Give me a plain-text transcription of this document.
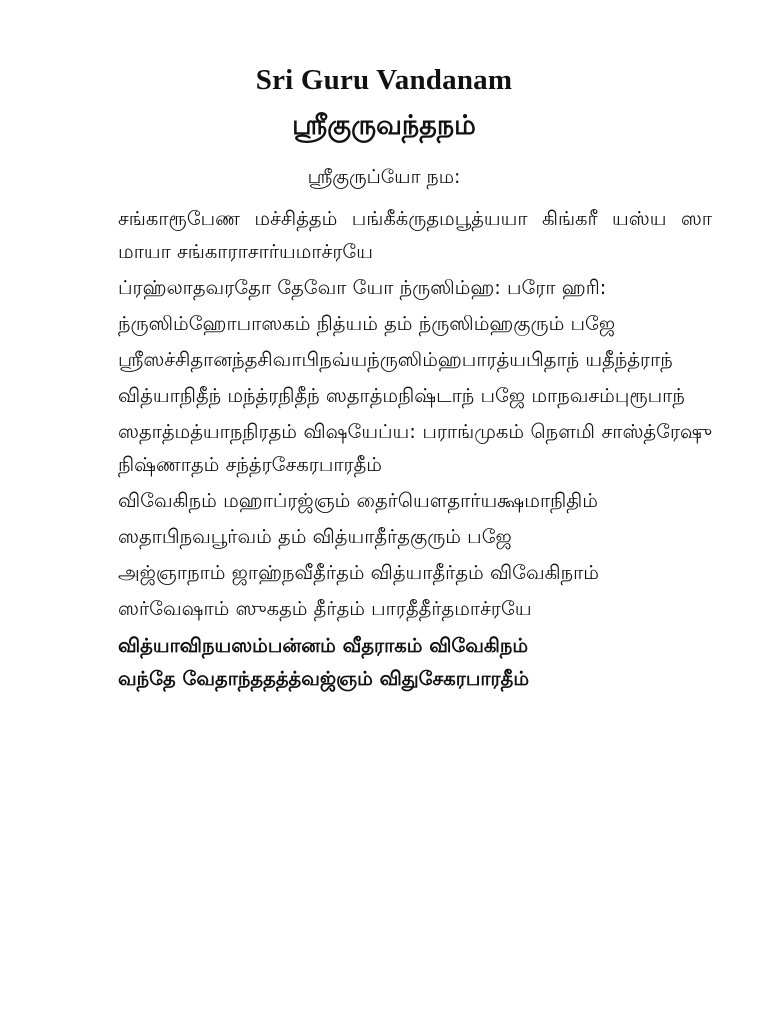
Sri Guru Vandanam
ஸ்ரீகுருவந்தநம்
ஸ்ரீகுருப்யோ நம꞉

சங்காரூபேண மச்சித்தம் பங்கீக்ருதமபூத்யயா கிங்கரீ யஸ்ய ஸா மாயா சங்காராசார்யமாச்ரயே

ப்ரஹ்லாதவரதோ தேவோ யோ ந்ருஸிம்ஹ꞉ பரோ ஹரி꞉

ந்ருஸிம்ஹோபாஸகம் நித்யம் தம் ந்ருஸிம்ஹகுரும் பஜே

ஸ்ரீஸச்சிதானந்தசிவாபிநவ்யந்ருஸிம்ஹபாரத்யபிதாந் யதீந்த்ராந்

வித்யாநிதீந் மந்த்ரநிதீந் ஸதாத்மநிஷ்டாந் பஜே மாநவசம்புரூபாந்

ஸதாத்மத்யாநநிரதம் விஷயேப்ய꞉ பராங்முகம் நௌமி சாஸ்த்ரேஷு நிஷ்ணாதம் சந்த்ரசேகரபாரதீம்

விவேகிநம் மஹாப்ரஜ்ஞம் தைர்யௌதார்யக்ஷமாநிதிம்

ஸதாபிநவபூர்வம் தம் வித்யாதீர்தகுரும் பஜே

அஜ்ஞாநாம் ஜாஹ்நவீதீர்தம் வித்யாதீர்தம் விவேகிநாம்

ஸர்வேஷாம் ஸுகதம் தீர்தம் பாரதீதீர்தமாச்ரயே

வித்யாவிநயஸம்பன்னம் வீதராகம் விவேகிநம்
வந்தே வேதாந்ததத்த்வஜ்ஞம் விதுசேகரபாரதீம்
